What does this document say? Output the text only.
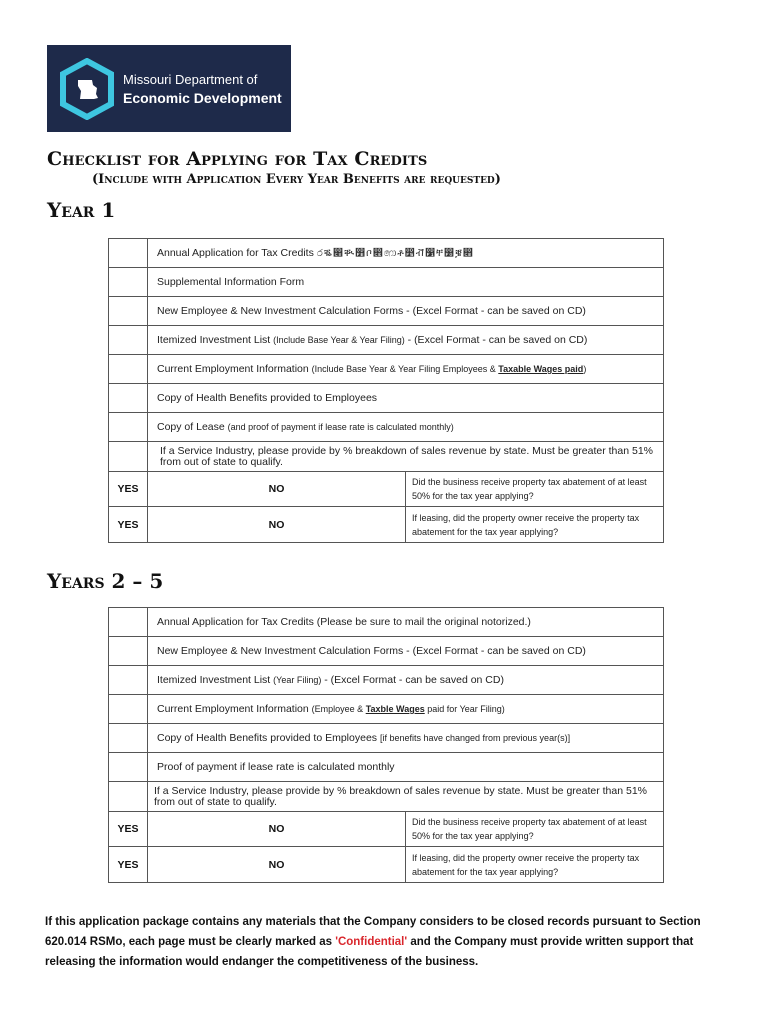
Missouri Department of
Economic Development
Checklist for Applying for Tax Credits
(Include with Application Every Year Benefits are requested)
Year 1
	Annual Application for Tax Credits ෮ቘ෈ቚ෻ቦ෎෩ቶ෵ቭ෱ቸ෰ቜ෋	
	Supplemental Information Form	
	New Employee & New Investment Calculation Forms - (Excel Format - can be saved on CD)	
	Itemized Investment List (Include Base Year & Year Filing) - (Excel Format - can be saved on CD)	
	Current Employment Information (Include Base Year & Year Filing Employees & Taxable Wages paid)	
	Copy of Health Benefits provided to Employees	
	Copy of Lease (and proof of payment if lease rate is calculated monthly)	
	If a Service Industry, please provide by % breakdown of sales revenue by state. Must be greater than 51% from out of state to qualify.	
YES	NO	Did the business receive property tax abatement of at least 50% for the tax year applying?
YES	NO	If leasing, did the property owner receive the property tax abatement for the tax year applying?
Years 2 – 5
	Annual Application for Tax Credits (Please be sure to mail the original notorized.)	
	New Employee & New Investment Calculation Forms - (Excel Format - can be saved on CD)	
	Itemized Investment List (Year Filing) - (Excel Format - can be saved on CD)	
	Current Employment Information (Employee & Taxble Wages paid for Year Filing)	
	Copy of Health Benefits provided to Employees [if benefits have changed from previous year(s)]	
	Proof of payment if lease rate is calculated monthly	
	If a Service Industry, please provide by % breakdown of sales revenue by state. Must be greater than 51% from out of state to qualify.	
YES	NO	Did the business receive property tax abatement of at least 50% for the tax year applying?
YES	NO	If leasing, did the property owner receive the property tax abatement for the tax year applying?
If this application package contains any materials that the Company considers to be closed records pursuant to Section 620.014 RSMo, each page must be clearly marked as 'Confidential' and the Company must provide written support that releasing the information would endanger the competitiveness of the business.
